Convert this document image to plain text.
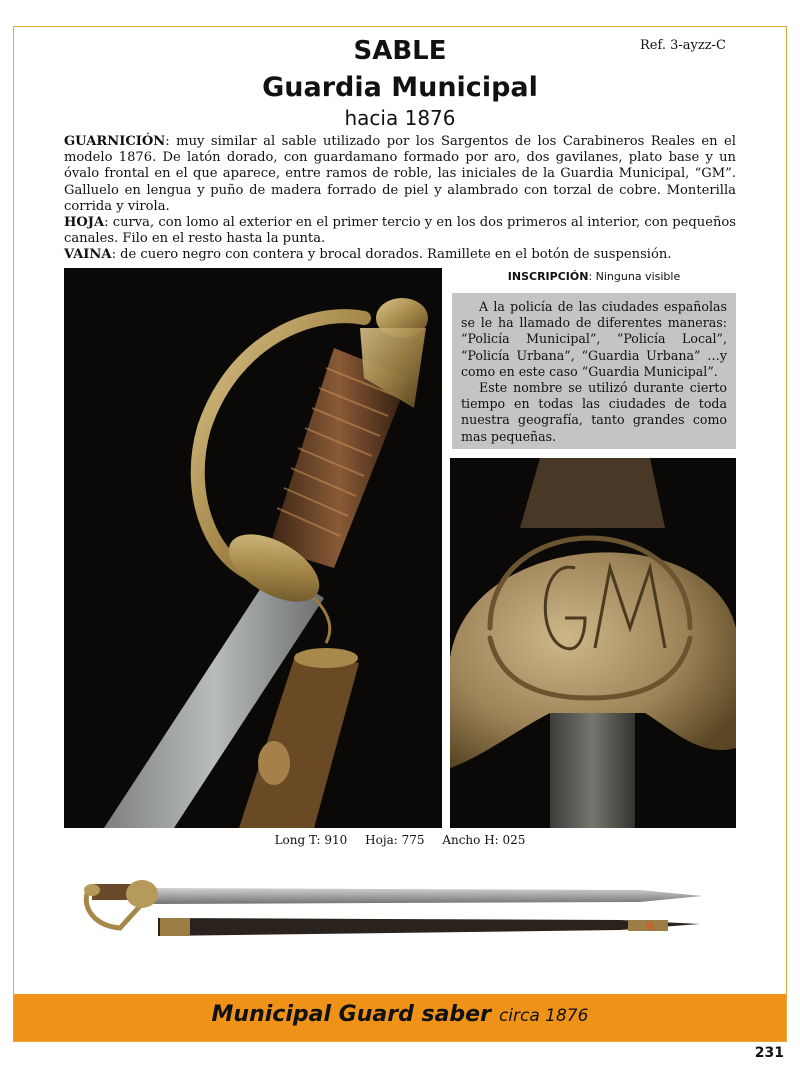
Ref. 3-ayzz-C
SABLE
Guardia Municipal
hacia 1876

GUARNICIÓN: muy similar al sable utilizado por los Sargentos de los Carabineros Reales en el modelo 1876. De latón dorado, con guardamano formado por aro, dos gavilanes, plato base y un óvalo frontal en el que aparece, entre ramos de roble, las iniciales de la Guardia Municipal, “GM”. Galluelo en lengua y puño de madera forrado de piel y alambrado con torzal de cobre. Monterilla corrida y virola.

HOJA: curva, con lomo al exterior en el primer tercio y en los dos primeros al interior, con pequeños canales. Filo en el resto hasta la punta.

VAINA: de cuero negro con contera y brocal dorados. Ramillete en el botón de suspensión.

INSCRIPCIÓN: Ninguna visible

A la policía de las ciudades españolas se le ha llamado de diferentes maneras: “Policía Municipal”, ”Policía Local”, “Policía Urbana”, “Guardia Urbana” …y como en este caso “Guardia Municipal”.

Este nombre se utilizó durante cierto tiempo en todas las ciudades de toda nuestra geografía, tanto grandes como mas pequeñas.

Long T: 910 Hoja: 775 Ancho H: 025
Municipal Guard saber circa 1876
231
